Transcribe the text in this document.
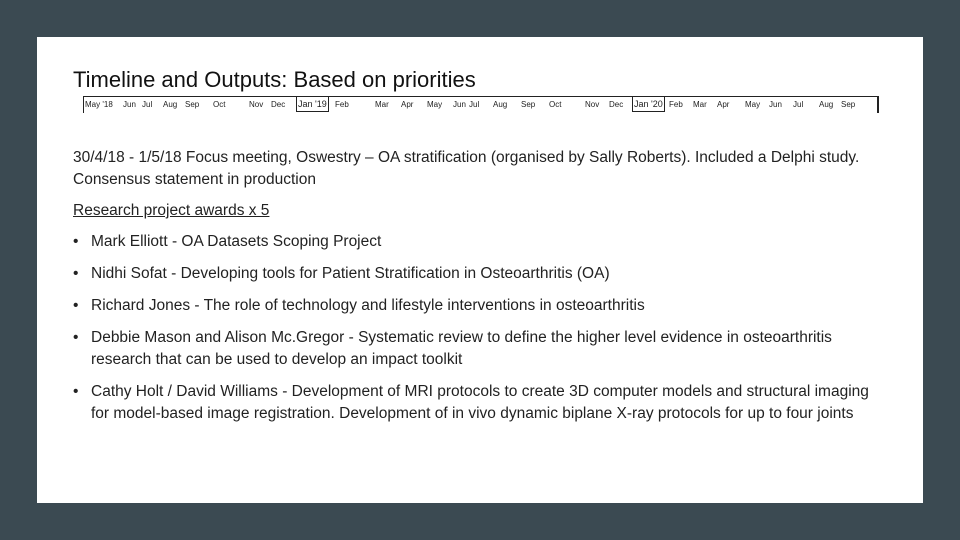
Timeline and Outputs: Based on priorities
May '18 Jun Jul Aug Sep Oct	Nov Dec Jan '19 Feb	Mar Apr May Jun Jul Aug Sep Oct	Nov Dec Jan '20 Feb Mar Apr May Jun Jul Aug Sep

30/4/18 - 1/5/18 Focus meeting, Oswestry – OA stratification (organised by Sally Roberts). Included a Delphi study. Consensus statement in production

Research project awards x 5

• Mark Elliott - OA Datasets Scoping Project
• Nidhi Sofat - Developing tools for Patient Stratification in Osteoarthritis (OA)
• Richard Jones - The role of technology and lifestyle interventions in osteoarthritis
• Debbie Mason and Alison Mc.Gregor - Systematic review to define the higher level evidence in osteoarthritis research that can be used to develop an impact toolkit
• Cathy Holt / David Williams - Development of MRI protocols to create 3D computer models and structural imaging for model-based image registration. Development of in vivo dynamic biplane X-ray protocols for up to four joints
